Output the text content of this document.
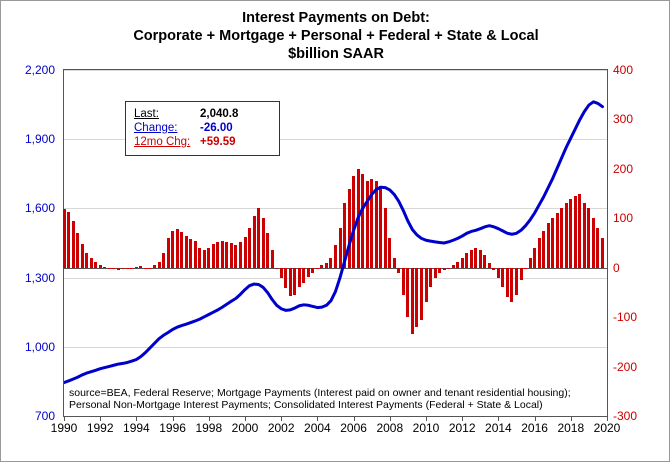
Interest Payments on Debt:
Corporate + Mortgage + Personal + Federal + State & Local
$billion SAAR
Last:	2,040.8
Change: -26.00
12mo Chg: +59.59
source=BEA, Federal Reserve; Mortgage Payments (Interest paid on owner and tenant residential housing); Personal Non-Mortgage Interest Payments; Consolidated Interest Payments (Federal + State & Local)
700
1,000
1,300
1,600
1,900
2,200
-300
-200
-100
0
100
200
300
400
1990 1992 1994 1996 1998 2000 2002 2004 2006 2008 2010 2012 2014 2016 2018 2020
